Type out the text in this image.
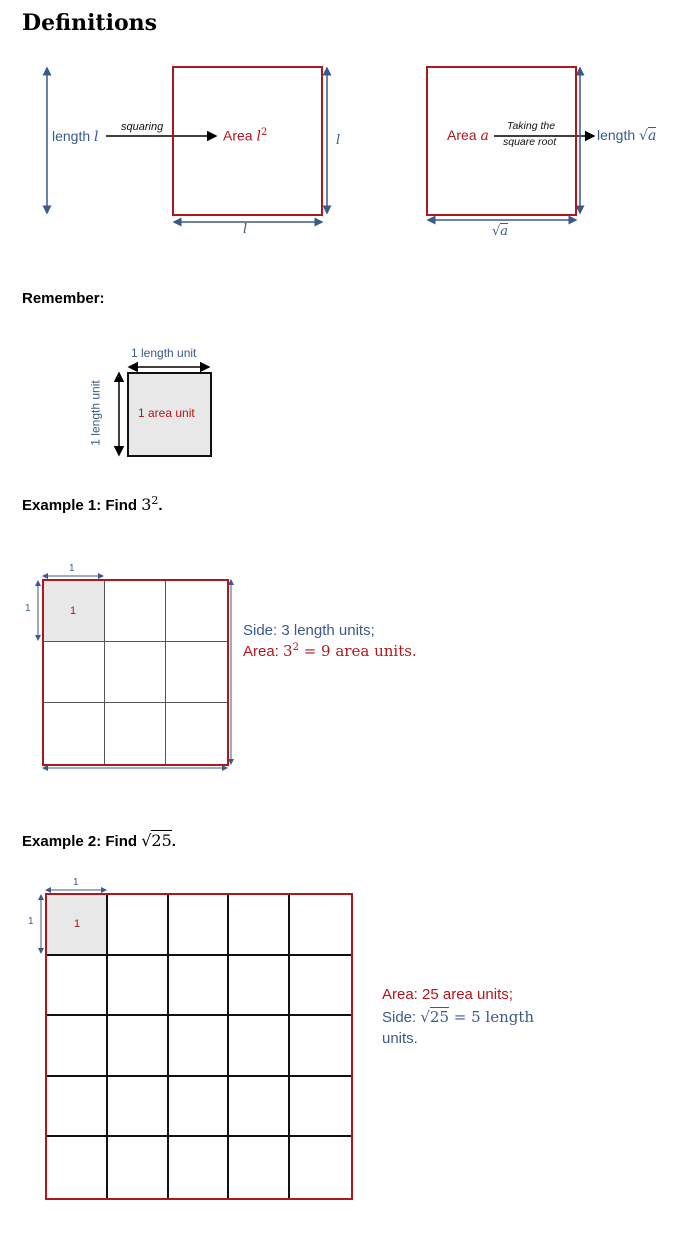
Definitions
length l
squaring
Area $l^2$
l
l
Area a
Taking the
square root	length √a
√a
Remember:
1 length unit
1 length unit	1 area unit
Example 1: Find $3^2$.
1
1	1
Side: 3 length units;
Area: $3^2 = 9$ area units.
Example 2: Find √25.
1
1	1
Area: 25 area units;
Side: √25 = 5 length
units.
